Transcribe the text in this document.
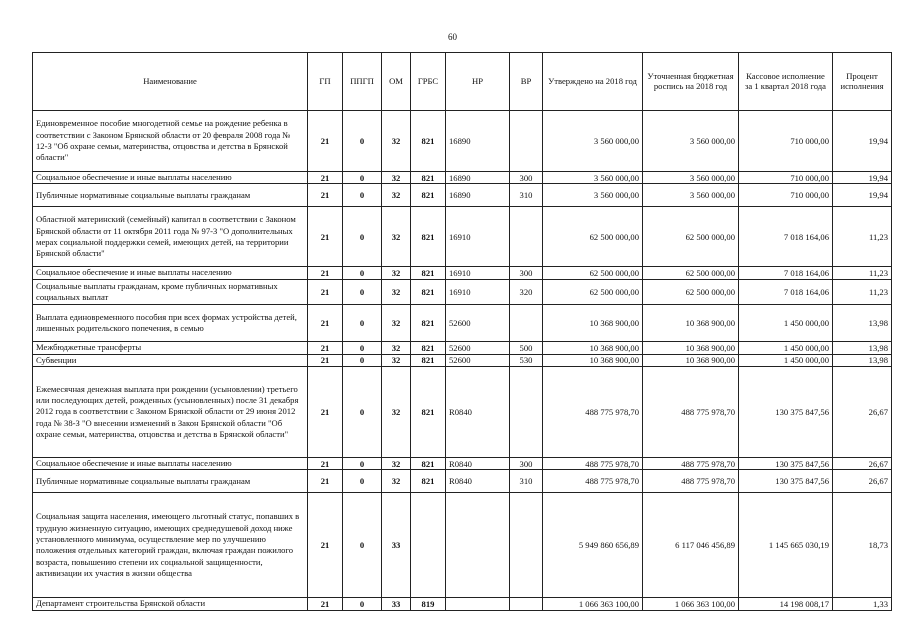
60
Наименование	ГП	ППГП	ОМ	ГРБС	НР	ВР	Утверждено на 2018 год	Уточненная бюджетная роспись на 2018 год	Кассовое исполнение за 1 квартал 2018 года	Процент исполнения
Единовременное пособие многодетной семье на рождение ребенка в соответствии с Законом Брянской области от 20 февраля 2008 года № 12-З "Об охране семьи, материнства, отцовства и детства в Брянской области"	21	0	32	821	16890		3 560 000,00	3 560 000,00	710 000,00	19,94
Социальное обеспечение и иные выплаты населению	21	0	32	821	16890	300	3 560 000,00	3 560 000,00	710 000,00	19,94
Публичные нормативные социальные выплаты гражданам	21	0	32	821	16890	310	3 560 000,00	3 560 000,00	710 000,00	19,94
Областной материнский (семейный) капитал в соответствии с Законом Брянской области от 11 октября 2011 года № 97-З "О дополнительных мерах социальной поддержки семей, имеющих детей, на территории Брянской области"	21	0	32	821	16910		62 500 000,00	62 500 000,00	7 018 164,06	11,23
Социальное обеспечение и иные выплаты населению	21	0	32	821	16910	300	62 500 000,00	62 500 000,00	7 018 164,06	11,23
Социальные выплаты гражданам, кроме публичных нормативных социальных выплат	21	0	32	821	16910	320	62 500 000,00	62 500 000,00	7 018 164,06	11,23
Выплата единовременного пособия при всех формах устройства детей, лишенных родительского попечения, в семью	21	0	32	821	52600		10 368 900,00	10 368 900,00	1 450 000,00	13,98
Межбюджетные трансферты	21	0	32	821	52600	500	10 368 900,00	10 368 900,00	1 450 000,00	13,98
Субвенции	21	0	32	821	52600	530	10 368 900,00	10 368 900,00	1 450 000,00	13,98
Ежемесячная денежная выплата при рождении (усыновлении) третьего или последующих детей, рожденных (усыновленных) после 31 декабря 2012 года в соответствии с Законом Брянской области от 29 июня 2012 года № 38-З "О внесении изменений в Закон Брянской области "Об охране семьи, материнства, отцовства и детства в Брянской области"	21	0	32	821	R0840		488 775 978,70	488 775 978,70	130 375 847,56	26,67
Социальное обеспечение и иные выплаты населению	21	0	32	821	R0840	300	488 775 978,70	488 775 978,70	130 375 847,56	26,67
Публичные нормативные социальные выплаты гражданам	21	0	32	821	R0840	310	488 775 978,70	488 775 978,70	130 375 847,56	26,67
Социальная защита населения, имеющего льготный статус, попавших в трудную жизненную ситуацию, имеющих среднедушевой доход ниже установленного минимума, осуществление мер по улучшению положения отдельных категорий граждан, включая граждан пожилого возраста, повышению степени их социальной защищенности, активизации их участия в жизни общества	21	0	33				5 949 860 656,89	6 117 046 456,89	1 145 665 030,19	18,73
Департамент строительства Брянской области	21	0	33	819			1 066 363 100,00	1 066 363 100,00	14 198 008,17	1,33
